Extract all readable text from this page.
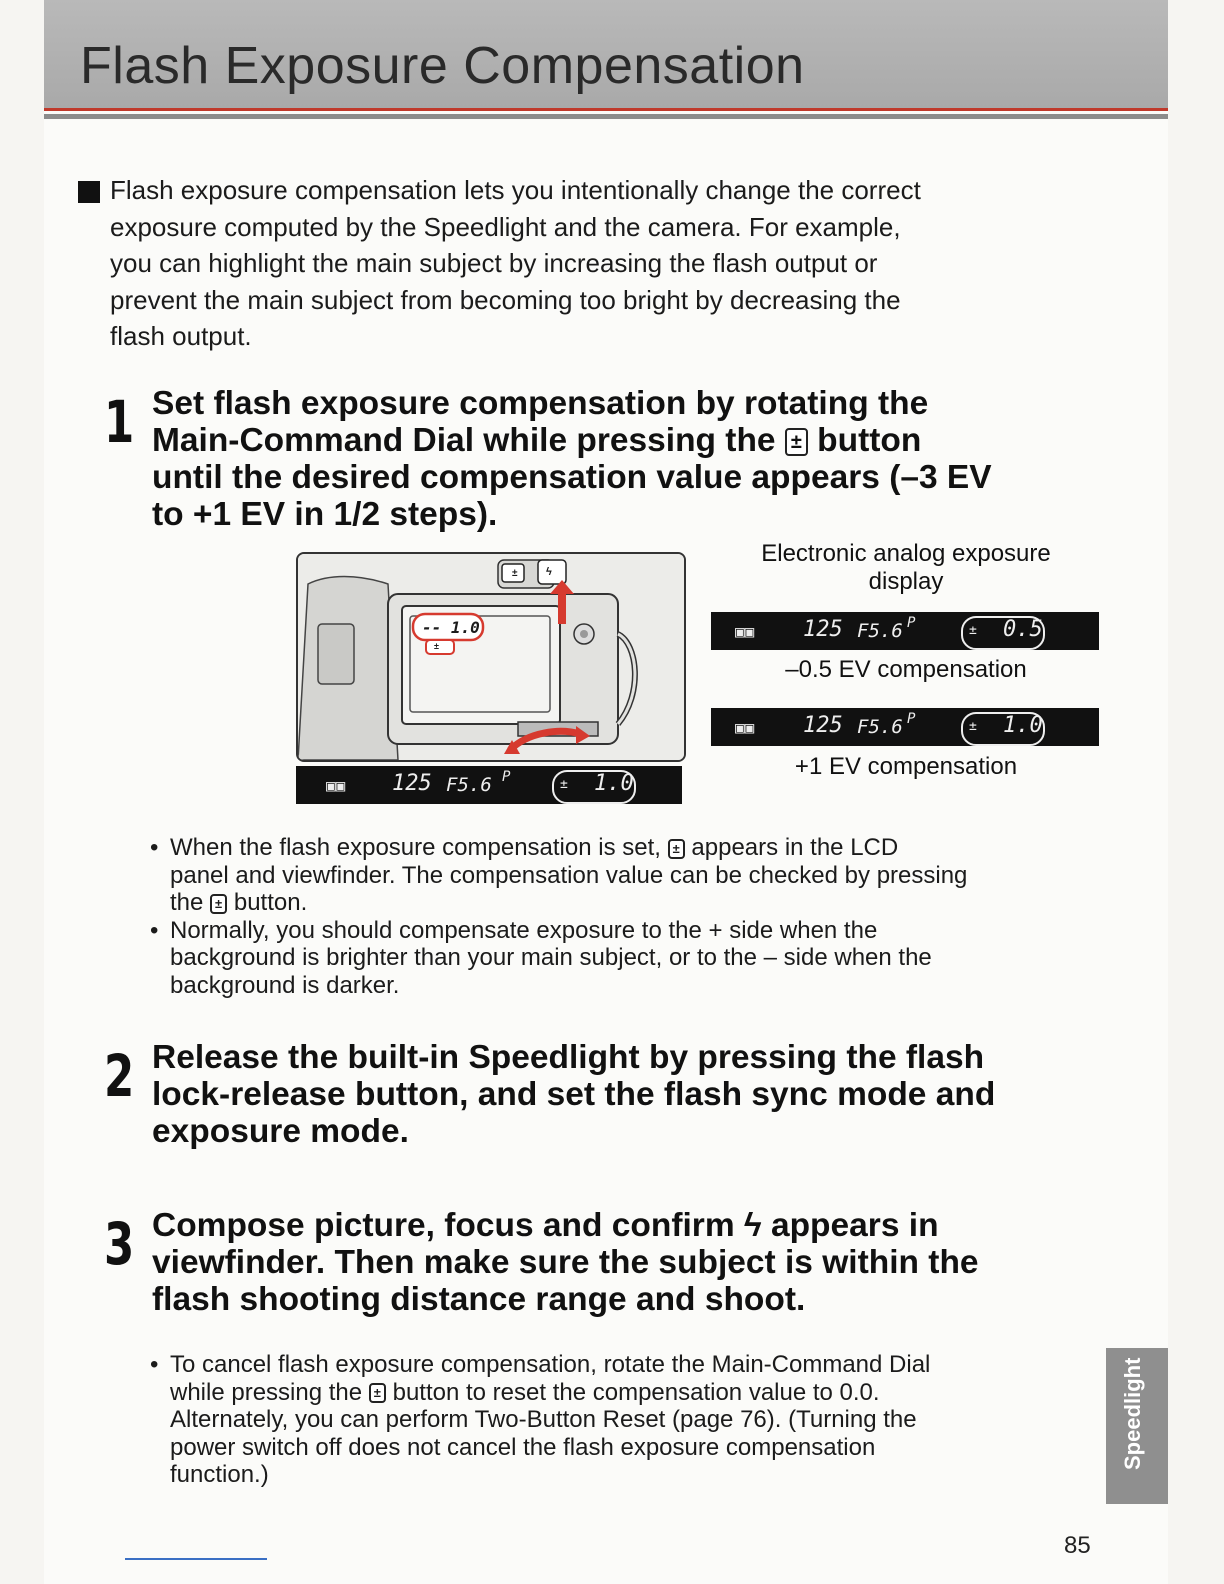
Flash Exposure Compensation
Flash exposure compensation lets you intentionally change the correct
exposure computed by the Speedlight and the camera. For example,
you can highlight the main subject by increasing the flash output or
prevent the main subject from becoming too bright by decreasing the
flash output.
1 Set flash exposure compensation by rotating the
Main-Command Dial while pressing the ± button
until the desired compensation value appears (–3 EV
to +1 EV in 1/2 steps).
-- 1.0
±	ϟ
±
▣▣ 125 F5.6 P	± 1.0
Electronic analog exposure
display
▣▣ 125 F5.6 P	± 0.5
–0.5 EV compensation
▣▣ 125 F5.6 P	± 1.0
+1 EV compensation
• When the flash exposure compensation is set, ± appears in the LCD
panel and viewfinder. The compensation value can be checked by pressing
the ± button.
• Normally, you should compensate exposure to the + side when the
background is brighter than your main subject, or to the – side when the
background is darker.
2 Release the built-in Speedlight by pressing the flash
lock-release button, and set the flash sync mode and
exposure mode.
3 Compose picture, focus and confirm ϟ appears in
viewfinder. Then make sure the subject is within the
flash shooting distance range and shoot.
• To cancel flash exposure compensation, rotate the Main-Command Dial
while pressing the ± button to reset the compensation value to 0.0.
Alternately, you can perform Two-Button Reset (page 76). (Turning the
power switch off does not cancel the flash exposure compensation
function.)
Speedlight
85
